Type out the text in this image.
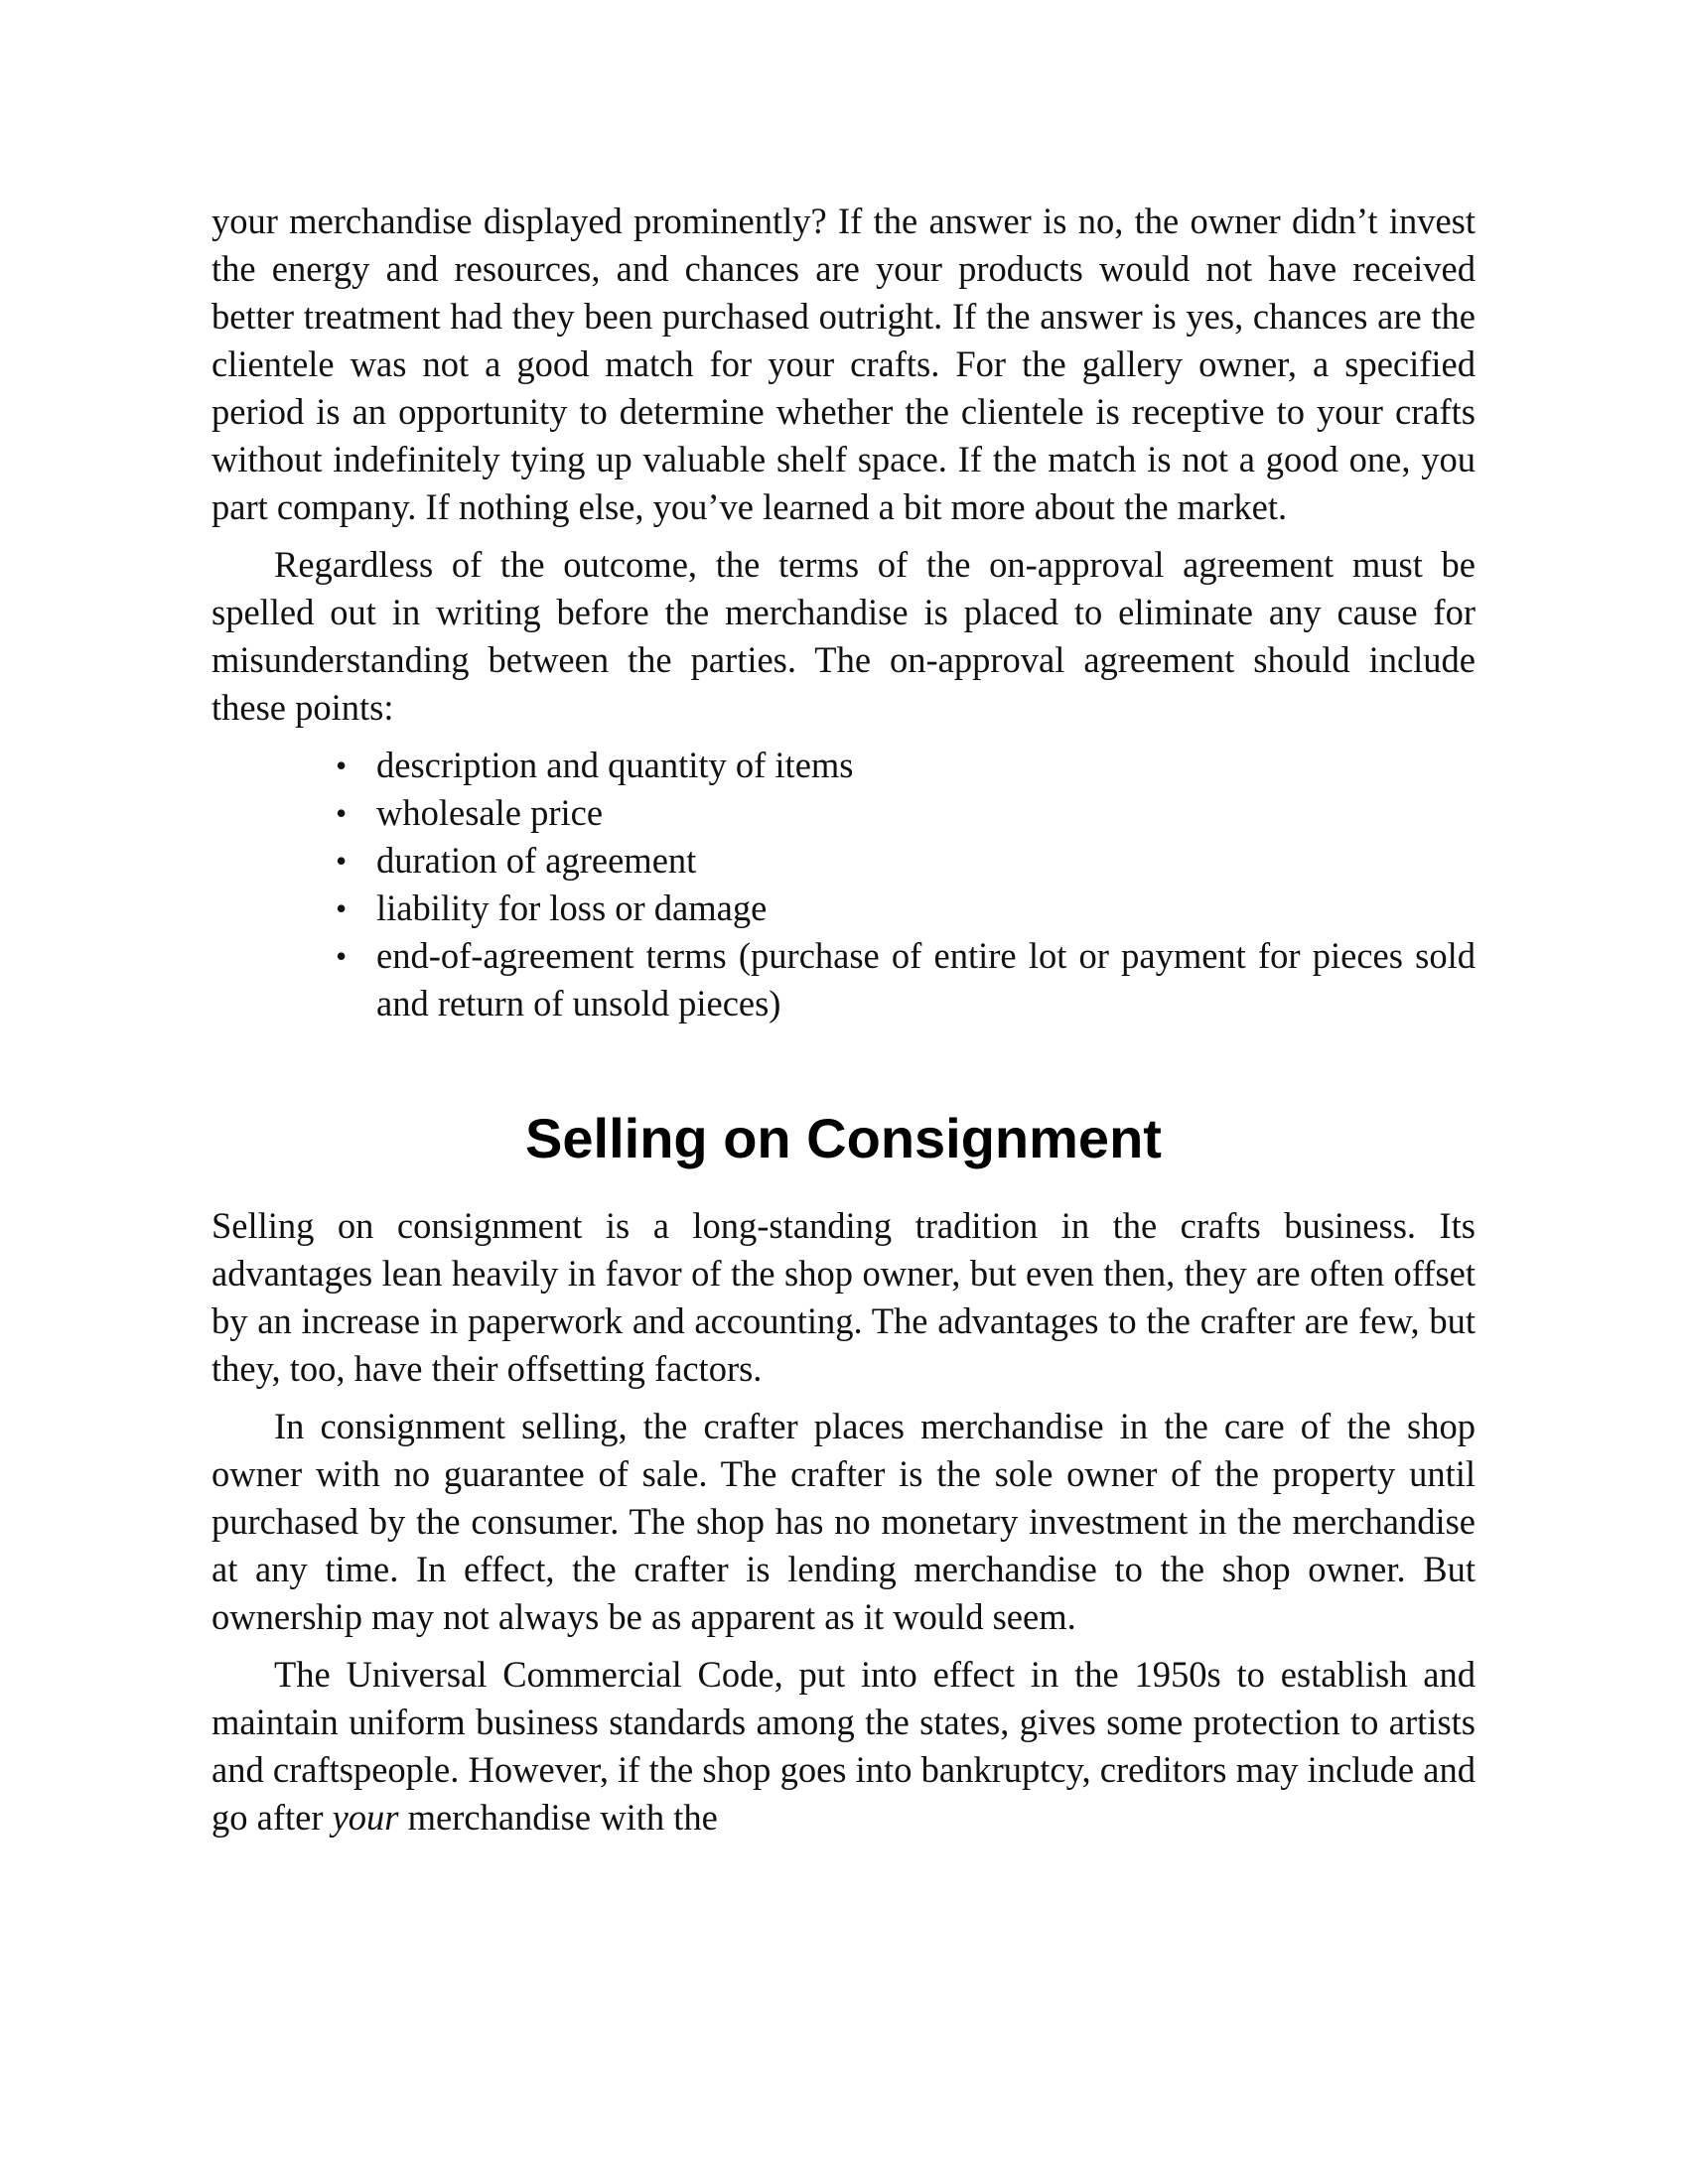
your merchandise displayed prominently? If the answer is no, the owner didn’t invest the energy and resources, and chances are your products would not have received better treatment had they been purchased outright. If the answer is yes, chances are the clientele was not a good match for your crafts. For the gallery owner, a specified period is an opportunity to determine whether the clientele is receptive to your crafts without indefinitely tying up valuable shelf space. If the match is not a good one, you part company. If nothing else, you’ve learned a bit more about the market.

Regardless of the outcome, the terms of the on-approval agreement must be spelled out in writing before the merchandise is placed to eliminate any cause for misunderstanding between the parties. The on-approval agreement should include these points:

• description and quantity of items
• wholesale price
• duration of agreement
• liability for loss or damage
• end-of-agreement terms (purchase of entire lot or payment for pieces sold and return of unsold pieces)
Selling on Consignment

Selling on consignment is a long-standing tradition in the crafts business. Its advantages lean heavily in favor of the shop owner, but even then, they are often offset by an increase in paperwork and accounting. The advantages to the crafter are few, but they, too, have their offsetting factors.

In consignment selling, the crafter places merchandise in the care of the shop owner with no guarantee of sale. The crafter is the sole owner of the property until purchased by the consumer. The shop has no monetary investment in the merchandise at any time. In effect, the crafter is lending merchandise to the shop owner. But ownership may not always be as apparent as it would seem.

The Universal Commercial Code, put into effect in the 1950s to establish and maintain uniform business standards among the states, gives some protection to artists and craftspeople. However, if the shop goes into bankruptcy, creditors may include and go after your merchandise with the
